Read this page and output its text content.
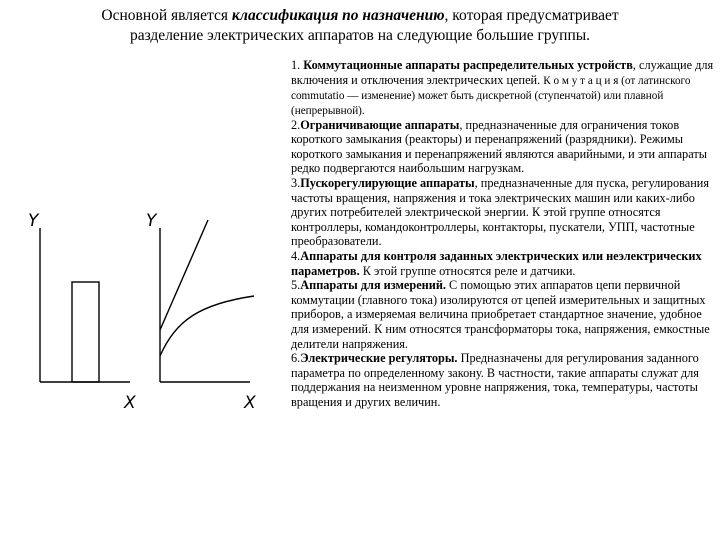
Основной является классификация по назначению, которая предусматривает

разделение электрических аппаратов на следующие большие группы.

Y
X
Y
X

1. Коммутационные аппараты распределительных устройств, служащие для включения и отключения электрических цепей. К о м у т а ц и я (от латинского commutatio — изменение) может быть дискретной (ступенчатой) или плавной (непрерывной).

2.Ограничивающие аппараты, предназначенные для ограничения токов короткого замыкания (реакторы) и перенапряжений (разрядники). Режимы короткого замыкания и перенапряжений являются аварийными, и эти аппараты редко подвергаются наибольшим нагрузкам.

3.Пускорегулирующие аппараты, предназначенные для пуска, регулирования частоты вращения, напряжения и тока электрических машин или каких-либо других потребителей электрической энергии. К этой группе относятся контроллеры, командоконтроллеры, контакторы, пускатели, УПП, частотные преобразователи.

4.Аппараты для контроля заданных электрических или неэлектрических параметров. К этой группе относятся реле и датчики.

5.Аппараты для измерений. С помощью этих аппаратов цепи первичной коммутации (главного тока) изолируются от цепей измерительных и защитных приборов, а измеряемая величина приобретает стандартное значение, удобное для измерений. К ним относятся трансформаторы тока, напряжения, емкостные делители напряжения.

6.Электрические регуляторы. Предназначены для регулирования заданного параметра по определенному закону. В частности, такие аппараты служат для поддержания на неизменном уровне напряжения, тока, температуры, частоты вращения и других величин.
